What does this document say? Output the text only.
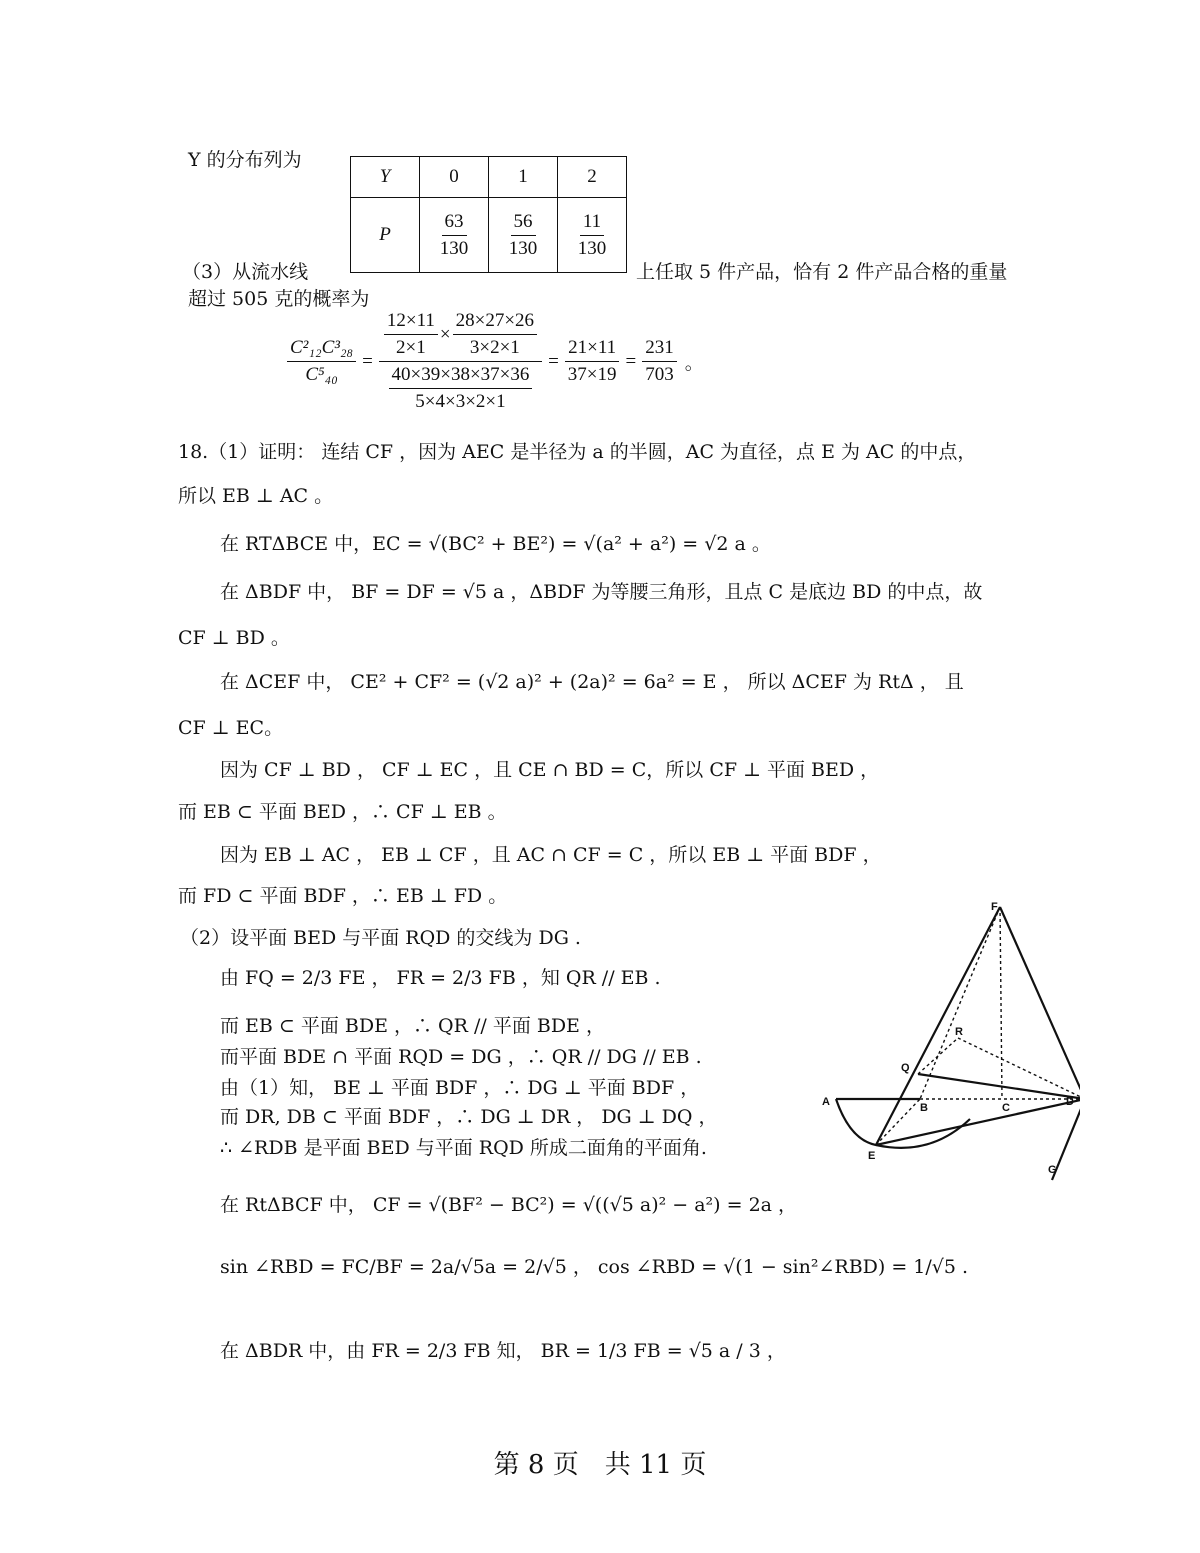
Y 的分布列为
Y	0	1	2
P	$\frac{63}{130}$	$\frac{56}{130}$	$\frac{11}{130}$
（3）从流水线	上任取 5 件产品，恰有 2 件产品合格的重量
超过 505 克的概率为
$\frac{\text{C²₁₂C³₂₈}}{\text{C⁵₄₀}} = \frac{\frac{12\times 11}{2\times 1} \times \frac{28\times 27\times 26}{3\times 2\times 1}}{\frac{40\times 39\times 38\times 37\times 36}{5\times 4\times 3\times 2\times 1}} = \frac{21\times 11}{37\times 19} = \frac{231}{703}$ 。
18.（1）证明： 连结 CF ，因为 AEC 是半径为 a 的半圆，AC 为直径，点 E 为 AC 的中点，
所以 EB ⊥ AC 。
在 RTΔBCE 中，EC = √(BC² + BE²) = √(a² + a²) = √2 a 。
在 ΔBDF 中， BF = DF = √5 a ，ΔBDF 为等腰三角形，且点 C 是底边 BD 的中点，故
CF ⊥ BD 。
在 ΔCEF 中， CE² + CF² = (√2 a)² + (2a)² = 6a² = E ， 所以 ΔCEF 为 RtΔ ， 且
CF ⊥ EC。
因为 CF ⊥ BD ， CF ⊥ EC ，且 CE ∩ BD = C，所以 CF ⊥ 平面 BED ，
而 EB ⊂ 平面 BED ，∴ CF ⊥ EB 。
因为 EB ⊥ AC ， EB ⊥ CF ，且 AC ∩ CF = C ，所以 EB ⊥ 平面 BDF ，
而 FD ⊂ 平面 BDF ，∴ EB ⊥ FD 。
（2）设平面 BED 与平面 RQD 的交线为 DG .
由 FQ = 2/3 FE ， FR = 2/3 FB ，知 QR // EB .
而 EB ⊂ 平面 BDE ，∴ QR // 平面 BDE ，
而平面 BDE ∩ 平面 RQD = DG ，∴ QR // DG // EB .
由（1）知， BE ⊥ 平面 BDF ，∴ DG ⊥ 平面 BDF ，
而 DR, DB ⊂ 平面 BDF ，∴ DG ⊥ DR ， DG ⊥ DQ ，
∴ ∠RDB 是平面 BED 与平面 RQD 所成二面角的平面角.
在 RtΔBCF 中， CF = √(BF² − BC²) = √((√5 a)² − a²) = 2a ，
sin ∠RBD = FC/BF = 2a/√5a = 2/√5 ， cos ∠RBD = √(1 − sin²∠RBD) = 1/√5 .
在 ΔBDR 中，由 FR = 2/3 FB 知， BR = 1/3 FB = √5 a / 3 ，
F
R
Q
A	B	C	D
E
G
第 8 页　共 11 页
